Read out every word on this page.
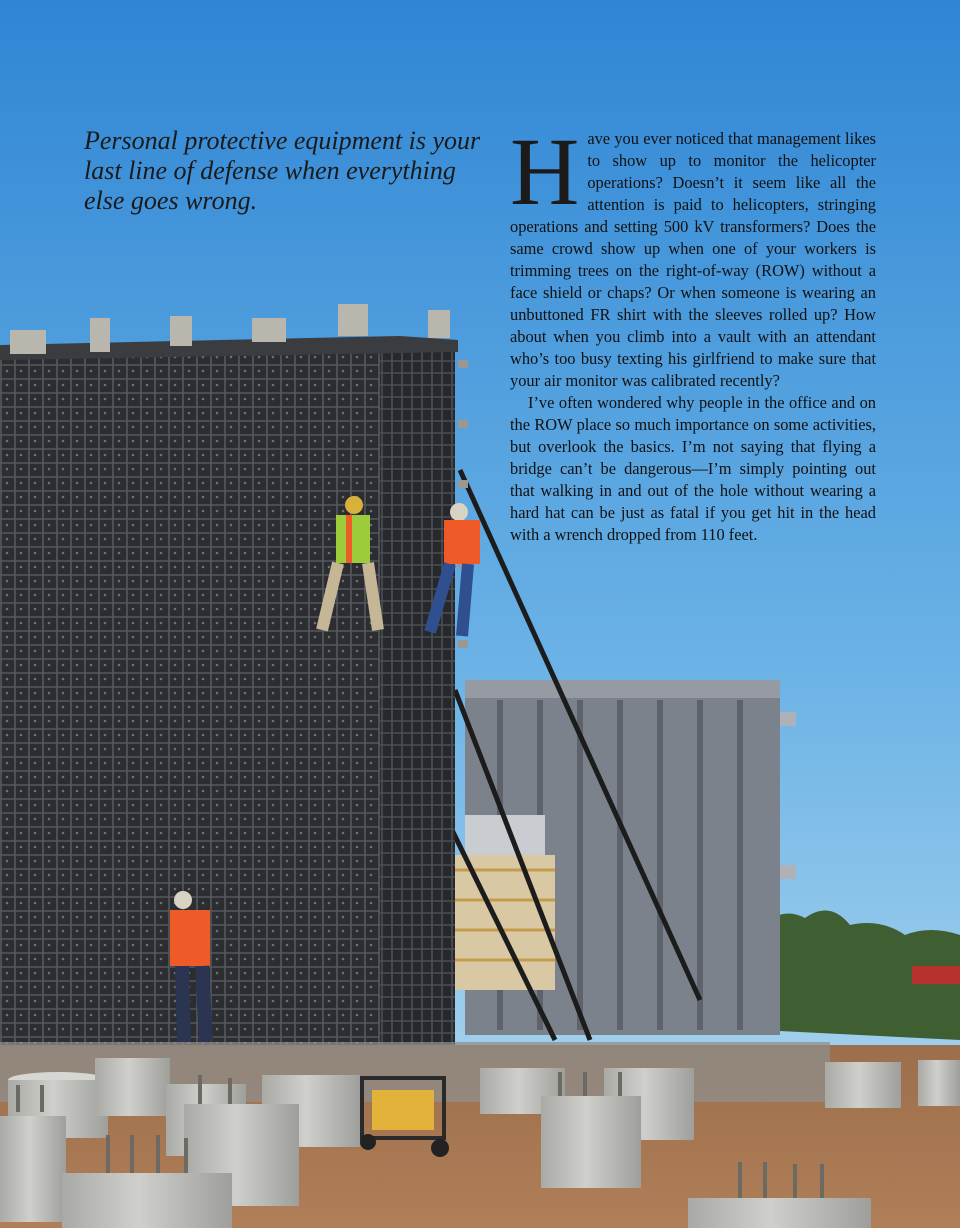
Personal protective equipment is your last line of defense when everything else goes wrong.	Have you ever noticed that management likes to show up to monitor the helicopter operations? Doesn’t it seem like all the attention is paid to helicopters, stringing operations and setting 500 kV transformers? Does the same crowd show up when one of your workers is trimming trees on the right-of-way (ROW) without a face shield or chaps? Or when someone is wearing an unbuttoned FR shirt with the sleeves rolled up? How about when you climb into a vault with an attendant who’s too busy texting his girlfriend to make sure that your air monitor was calibrated recently?

I’ve often wondered why people in the office and on the ROW place so much importance on some activities, but overlook the basics. I’m not saying that flying a bridge can’t be dangerous—I’m simply pointing out that walking in and out of the hole without wearing a hard hat can be just as fatal if you get hit in the head with a wrench dropped from 110 feet.
